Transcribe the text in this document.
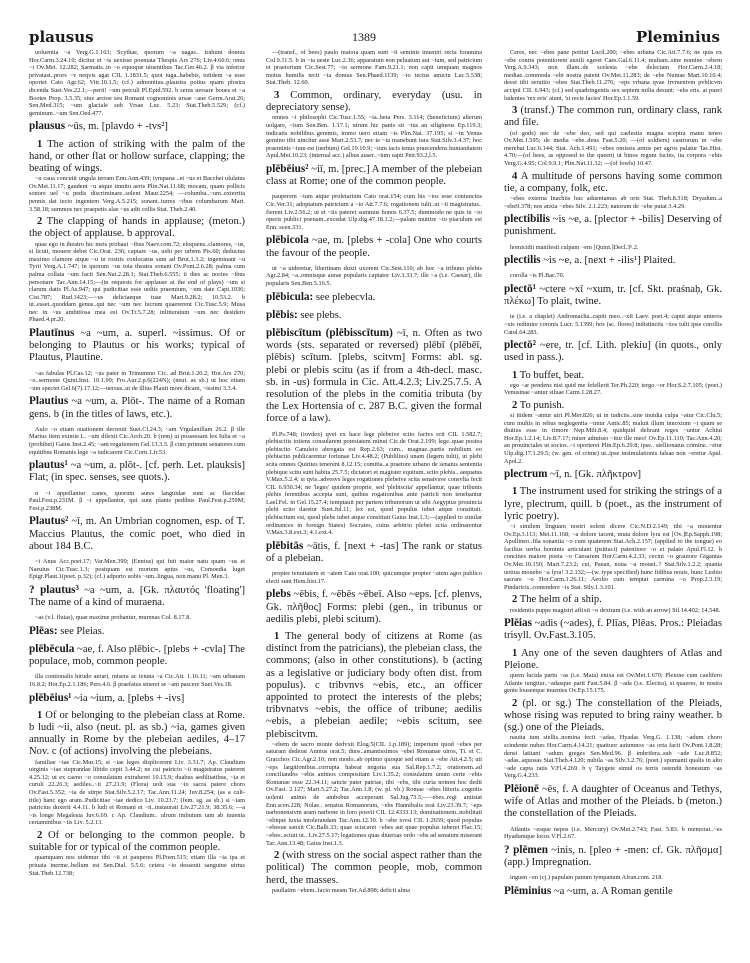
plausus	1389	Pleminius
uoluentia ~a Verg.G.1.163; Scythae, quorum ~a uagas.. trahunt domus Hor.Carm.3.24.10; dicitur et ~is uexisse poemata Thespis Ars 276; Liv.4.60.6; onus ~i Ov.Met. 12.282; Sarmatis..in ~o equoque uiuentibus Tac.Ger.46.2. β via inferior privatast..prors ~v neqvis agat CIL 1.1831.5; quot iuga..habebis, totidem ~a esse oportet Cato Agr.62; Vitr.10.1.5; (cf.) admonitus..plaustra potius quam plostra dicenda Suet.Ves.22.1;—perii! ~um perculi Pl.Epid.592. b serus uersare boues et ~a Bootes Prop. 3.5.35; siue arctoe seu Romani cognominis ursae ~aue Germ.Arat.26; Sen.Med.315; ~um glaciale sub Vrsae Luc. 5.23; Stat.Theb.5.529; (cf.) geminum..~um Sen.Oed.477.
plausus ~ūs, m. [plavdo + -tvs²]
1 The action of striking with the palm of the hand, or other flat or hollow surface, clapping; the beating of wings.
~u caua concutit ungula terram Enn.Ann.439; tympana ..et ~us et Bacchei ululatus Ov.Met.11.17; gaudent ~u atque tinnitu aeris Plin.Nat.11.68; mocam, quam pollicis sonore uel ~u pedis discriminare..solent Maur.2254; —columba..~um..exterrita pennis dat tecto ingentem Verg.A.5.215; sonant..turres ~ibus columbarum Mart. 3.58.18; summos nec praepetis alae ~us adit collis Stat. Theb.2.40.
2 The clapping of hands in applause; (meton.) the object of applause. b approval.
quae ego in theatro hic meis probaui ~ibus Naev.com.72; eloquens..clamores, ~us, si licuit, mouere debet Cic.Orat. 236; captare ~us, uehi per urbem Pis.60; deductus maximo clamore atque ~u in rostris conlocatus sum ad Brut.1.3.2; ingeminant ~u Tyrii Verg.A.1.747; in quorum ~us tota theatra sonant Ov.Pont.2.6.28; palma cum palma collata ~um facit Sen.Nat.2.28.1; Stat.Theb.6.555; ii dies ac noctes ~ibus personare Tac.Ann.14.15;—(in requests for applause at the end of plays) ~um si clarum datis Pl.As.947; qui pudicitiae esse uoltis praemium, ~um date Capt.1036; Cist.787; Rud.1423;—~us deliciaeque tuae Mart.9.28.2; 10.53.2. b ut..esset..quoddam genus..qui nec ~um nec lucrum quaererent Cic.Tusc.5.9; Musa nec in ~us ambitiosa mea est Ov.Tr.5.7.28; inlitteratum ~um nec desidero Phaed.4.pr.20.
Plautīnus ~a ~um, a. superl. ~issimus. Of or belonging to Plautus or his works; typical of Plautus, Plautine.
~as fabulas Pl.Cas.12; ~us pater in Trinummo Cic. ad Brut.1.20.2; Hor.Ars 270; ~o..sermone Quint.Inst. 10.1.99; Fro.Aur.2.p.6(224N); (neut. as sb.) ut hoc etiam ~um spectet Gel.6(7).17.12;—uersus..ut de illius Plauti more dicam, ~issimi 3.3.4.
Plautius ~a ~um, a. Plōt-. The name of a Roman gens. b (in the titles of laws, etc.).
Aulo ~o etiam ouationem decreuit Suet.Cl.24.3; ~am Vrgulanillam 26.2. β ille Marius item eximie L. ~um dilexit Cic.Arch.20. b (rem) ui possessam lex Iulia et ~a (prohibet) Gaius Inst.2.45; ~am rogationem Gel.13.3.5. β cum primum senatores cum equitibus Romanis lege ~a iudicarent Cic.Corn.1.fr.53.
plautus¹ ~a ~um, a. plōt-. [cf. perh. Let. plauksis] Flat; (in spec. senses, see quots.).
α ~i appellantur canes, quorum aures languidae sunt ac flaccidae Paul.Fest.p.231M. β ~i appellantur, qui sunt planis pedibus Paul.Fest.p.259M; Fest.p.238M.
Plautus² ~ī, m. An Umbrian cognomen, esp. of T. Maccius Plautus, the comic poet, who died in about 184 B.C.
~i Anus Acc.poet.17; Var.Men.399; (Ennius) qui fuit maior natu quam ~us et Naeuius Cic.Tusc.1.3; postquam est mortem aptus ~us, Comoedia luget Epigr.Plaut.1(poet. p.32); (cf.) adporto uobis ~um..lingua, non manu Pl. Men.3.
? plautus³ ~a ~um, a. [Gk. πλαυτός 'floating'] The name of a kind of muraena.
~as (v.l. flutas), quae maxime probantur, murenas Col. 8.17.8.
Plēas: see Pleias.
plēbēcula ~ae, f. Also plēbic-. [plebs + -cvla] The populace, mob, common people.
illa contionalis hirudo aerari, misera ac ieiuna ~a Cic.Att. 1.16.11; ~am urbanam 16.8.2; Hor.Ep.2.1.186; Pers.4.6. β praefatus sineret se ~am pascere Suet.Ves.18.
plēbēius¹ ~ia ~ium, a. [plebs + -ivs]
1 Of or belonging to the plebeian class at Rome. b ludi ~ii, also (neut. pl. as sb.) ~ia, games given annually in Rome by the plebeian aediles, 4–17 Nov. c (of actions) involving the plebeians.
familiae ~iae Cic.Mur.15; si ~iae leges displicerent Liv. 3.31.7; Ap. Claudium uirginis ~iae stuprandae libido cepit 3.44.2; ne cui patricio ~ii magistratus paterent 4.25.12; ut ex caeno ~o consulatum extraheret 10.15.9; duabus aedilitatibus, ~ia et curuli 22.26.3; aediles..~ii 27.21.9; (Flora) uolt sua ~io sacra patere choro Ov.Fast.5.352; ~ia de stirpe Stat.Silv.5.2.17; Tac.Ann.11.24; Juv.8.254; (as a cult-title) hanc ego aram..Pudicitiae ~iae dedico Liv. 10.23.7; (fem. sg. as sb.) si ~iam patricius duxerit 4.4.11. b ludi et Romani et ~ii..instaurati Liv.27.21.9; 38.35.6; —a ~is longe Megalesia Juv.6.69. c Ap. Claudium.. ulrum imbutum iam ab iuuenta certaminibus ~iis Liv. 5.2.13.
2 Of or belonging to the common people. b suitable for or typical of the common people.
quamquam nos uidemur tibi ~ii et pauperes Pl.Poen.515; etiam illa ~ia ipa et priuata inerme..bellum est Sen.Dial. 5.5.6; cetera ~io desseuit sanguine uirtus Stat.Theb.12.738;
—(transf., of bees) paulo maiora quam sunt ~ii seminis inueniri recta foramina Col.9.11.5. b in ~ia ueste Luc.2.36; apparatum non peluatum aut ~ium, sed patricium et praetorium Cic.Sest.77; ~io sermone Fam.9.21.1; non capit umquam magnos motus humilis tecti ~ia domus Sen.Phaed.1139; ~io tectus amictu Luc.5.538; Stat.Theb. 12.60.
3 Common, ordinary, everyday (usu. in depreciatory sense).
omnes ~i philosophi Cic.Tusc.1.55; ~ia..beta Pers. 3.114; (beneficium) alterum uolgare, ~ium Sen.Ben. 1.17.1; utrum hic panis sit ~ius an siligineus Ep.119.3; indicatis nobilibus gemmis, immo uero etiam ~is Plin.Nat. 37.195; si ~in Venus gemino tibi uincitur asse Mart.2.53.7; nec te ~ia manebunt iura Stat.Silv.3.4.37; hoc praeminis ~ium est (uerbum) Gel.19.10.9; ~ium iacis tenus praecendens humanitatem Apul.Met.10.23; (internal acc.) albus auser..~ium sapit Petr.93.2,l.5.
plēbēius² ~iī, m. [prec.] A member of the plebeian class at Rome; one of the common people.
pauperem ~ium atque proletarium Cato orat.154; cum his ~ios esse coniunctos Cic.Ver.31; adoptatum patricium a ~io Att.7.7.6; rogationem tulit..ut ~ii magistratus.. fierent Liv.2.56.2; ut et ~iis pateret summus honos 6.37.5; dummodo ne quis in ~io operis publici poenam..excedat Ulp.dig.47.18.1.2;—palam muttire ~io piaculum est Enn. scen.331.
plēbicola ~ae, m. [plebs + -cola] One who courts the favour of the people.
ut ~a uideretur, libertinam duxit uxorem Cic.Sest.110; ab hoc ~a tribuno plebis Agr.2.84; ~a..omnisque aurae popularis captator Liv.3.33.7; ille ~a (i.e. Caesar), ille popularis Sen.Ben.5.16.5.
plēbicula: see plebecvla.
plēbis: see plebs.
plēbiscītum (plēbisscītum) ~ī, n. Often as two words (sts. separated or reversed) plēbī (plēbēī, plēbis) scītum. [plebs, scitvm] Forms: abl. sg. plebi or plebis scitu (as if from a 4th-decl. masc. sb. in -us) formula in Cic. Att.4.2.3; Liv.25.7.5. A resolution of the plebs in the comitia tributa (by the Lex Hortensia of c. 287 B.C. given the formal force of a law).
Pl.Ps.748; (iovdex) qvei ex hace lege plebeive scito factvs erit CIL 1.582.7; plebiscitis totiens consularem potestatem minui Cic.de Orat.2.199; lege..quae postea plebiscito Canuleio abrogata est Rep.2.63; cum.. magnae..partis nobilium eo plebiscito publicarentur fortunae Liv.4.48.2; (Publilius) unam (legem tulit), ut plebi scita omnes Quirites tenerent 8.12.15; comitia..a praetore urbano de senatus sententia plebique scitu sunt habita 25.7.5; dictatori et magister equitum..scito plebis.. aequatus V.Max.5.2.4; si qvis..advesvs leges rogationes plebeive scita senatvsve consvlta fecit CIL 6.930.34; ne 'leges' quidem proprie, sed 'plebiscita' appellantur, quae tribunis plebis ferentibus accepta sunt, quibus rogationibus ante patricii non tenebantur Lael.Fel. in Gel.15.27.4; temptauit per partem tribunorum ut sibi Aegyptus prouincia plebi scito daretur Suet.Jul.11; lex est, quod populus iubet atque constituit. plebiscitum est, quod plebs iubet atque constituit Gaius Inst.1.3;—(applied to similar ordinances in foreign States) Socrates, cuius arbitrio plebei scita ordinarentur V.Max.3.8.ext.3; 4.1.ext.4.
plēbitās ~ātis, f. [next + -tas] The rank or status of a plebeian.
propter tenuitatem et ~atem Cato orat.100; quicumque propter ~atem agro publico electi sunt Hem.hist.17.
plebs ~ēbis, f. ~ēbēs ~ēbeī. Also ~eps. [cf. plenvs, Gk. πλῆθος] Forms: plebi (gen., in tribunus or aedilis plebi, plebi scitum).
1 The general body of citizens at Rome (as distinct from the patricians), the plebeian class, the commons; (also in other constitutions). b (acting as a legislative or judiciary body often dist. from populus). c tribvnvs ~ebis, etc., an officer appointed to protect the interests of the plebs; tribvnatvs ~ebis, the office of tribune; aedilis ~ebis, a plebeian aedile; ~ebis scitum, see plebiscitvm.
~ebem de sacro monte dedvxit Elog.5(CIL 1.p.189); imperium quod ~ebes per saturam dederat Annius orat.5; duos..amantissimos ~ebei Romanae uiros, Ti. et C. Gracchos Cic.Agr.2.10; non modo..ab optimo quoque sed etiam a ~ebe Att.4.2.5; uti ~eps largitionibus..corrupta habeat negotia sua Sal.Rep.1.7.2; orationem..ad conciliandos ~ebis animos compositam Liv.1.35.2; consulatum unum certe ~ebis Romanae esse 22.34.11; sancte pater patriae, tibi ~ebs, tibi curia nomen hoc dedit Ov.Fast. 2.127; Mart.5.27.2; Tac.Ann.1.8; (w. pl. vb.) Romae ~ebes litteris..cognitis uolenti animo de ambobus acceperant Sal.Jug.73.5;—~ebes..regi antistat Enn.scen.228; Nolae.. senatus Romanorum, ~ebs Hannibalis erat Liv.23.39.7; ~eps narbonensivm aram narbone in foro posvit CIL 12.4333.13; dominationem..nobilitati ~ebique iuxta intolerandam Tac.Ann.12.10. b ~ebe iovsi CIL 1.2659; quod populus ~ebesue sanxit Cic.Balb.33; quae sciscaret ~ebes aut quae populus iuberet Flac.15; ~ebes..sciuit ut.. Liv.27.5.17; legationes quas diuersas ordo ~ebs ad senatum miserant Tac.Ann.13.48; Gaius Inst.1.3.
2 (with stress on the social aspect rather than the political) The common people, mob, common herd, the masses.
paullatim ~ebem..facio meam Ter.Ad.898; deficit alma
Ceres, nec ~ebes pane potitur Lucil.200; ~ebes urbana Cic.Att.7.7.6; ne quis ex ~ebe contra potentiorem auxili egeret Caes.Gal.6.11.4; multam..sine nomine ~ebem Verg.A.9.343; non illam..de scelesta ~ebe delectam Hor.Carm.2.4.18; mediae..commoda ~ebi nostra patent Ov.Met.11.283; de ~ebe Numae Mart.10.10.4; deest tibi seruitio ~ebes Stat.Theb.11.276; ~eps vrbana qvae frvmentvm pvblicvm accipit CIL 6.943; (cf.) sed quadringentis sex septem milia desunt: ~ebs eris. at pueri ludentes 'rex eris' aiunt, 'si recte facies' Hor.Ep.1.1.59.
3 (transf.) The common run, ordinary class, rank and file.
(of gods) nec de ~ebe deo, sed qui caelestia magna sceptra manu teneo Ov.Met.1.595; de media ~ebe..deus Fast.5.20; —(of soldiers) castrorum in ~ebe merebat Luc.6.144; Stat. Ach.1.491; ~ebes omissis armis per agros palatur Tac.Hist. 4.70;—(of bees, as opposed to the queen) ut binos regum facies, ita corpora ~ebis Verg.G.4.95; Col.9.9.1; Plin.Nat.11.32; —(of fowls) 10.47.
4 A multitude of persons having some common tie, a company, folk, etc.
~ebes externa Inachiis huc aduentamus ab oris Stat. Theb.8.318; Dryadum..a ~ebe9.378; nos anxia ~ebes Silv. 2.1.223; natorum de ~ebe putat 3.4.29.
plectibilis ~is ~e, a. [plector + -bilis] Deserving of punishment.
homicidii manifesti culpam ~em [Quint.]Decl.3ᵇ.2.
plectilis ~is ~e, a. [next + -ilis¹] Plaited.
corolla ~is Pl.Bac.70.
plectō¹ ~ctere ~xī ~xum, tr. [cf. Skt. praśnaḥ, Gk. πλέκω] To plait, twine.
te (i.e. a chaplet) Andromacha..capiti meo..~xit Laev. poet.4; caput atque umeros ~xis redimire coronis Lucr. 5.1399; hos (sc. flores) indistinctis ~xos tulit ipse corollis Catul.64.283.
plectō² ~ere, tr. [cf. Lith. plekiu] (in quots., only used in pass.).
1 To buffet, beat.
ego ~ar pendens nisi quid me fefellerit Ter.Ph.220; tergo ~or Hor.S.2.7.105; (poet.) Venusinae ~antur siluae Carm.1.28.27.
2 To punish.
si itidem ~antur uiri Pl.Mer.826; ut in iudiciis..sine inuidia culpa ~atur Cic.Clu.5; cum multis in rebus neglegentia ~imur Amic.85; maluit illum innoxium ~i quam se diutius esse in timore Nep.Milt.8.4; quidquid delirant reges ~untur Achiui Hor.Ep.1.2.14; Liv.8.7.17; miser admisso ~itur ille meo! Ov.Ep.11.110; Tac.Ann.4.20; an prouinciales ut socios..~i oporteret Plin.Ep.6.29.8; ipse.. stellionatus crimine..~etur Ulp.dig.17.1.29.5; (w. gen. of crime) ut..ipse insimulationis falsae non ~eretur Apul. Apol.2.
plectrum ~ī, n. [Gk. πλῆκτρον]
1 The instrument used for striking the strings of a lyre, plectrum, quill. b (poet., as the instrument of lyric poetry).
~i similem linguam nostri solent dicere Cic.N.D.2.149; tibi ~a mouentur Ov.Ep.3.113; Met.11.168; ~a dolore tacent, muta dolore lyra est [Ov.]Ep.Sapph.198; Apollineo..fila sonantia ~o cum quaterem Stat.Ach.2.157; (applied to the tongue) eo facilius uerba hominis articulant (psittaci) patentiore ~o et palato Apul.Fl.12. b concines maiore poeta ~o Caesarem Hor.Carm.4.2.33; cecini ~o grauiore Gigantas Ov.Met.10.150; Mart.7.23.2; cui, Paean, noua ~a mouet..? Stat.Silv.1.2.2; quanta uotiua mouebo ~a lyra! 3.2.132;—(w. type specified) hunc fidibus nouis, hunc Lesbio sacrare ~o Hor.Carm.1.26.11; Aeolio cum temptat carmina ~o Prop.2.3.19; Pindaricis..contendere ~is Stat. Silv.1.3.101.
2 The helm of a ship.
residentis puppe magistri affixit ~o dextram (i.e. with an arrow) Sil.14.402; 14.548.
Plēias ~adis (~ades), f. Plīas, Plēas. Pros.: Pleiadas trisyll. Ov.Fast.3.105.
1 Any one of the seven daughters of Atlas and Pleione.
quem lucida partu ~as (i.e. Maia) enixa est Ov.Met.1.670; Pleione cum caelifero Atlante iungitur..~adasque parit Fast.5.84. β ~ada (i.e. Electra), si quaeres, in nostra gente lousenque inuenies Ov.Ep.15.175.
2 (pl. or sg.) The constellation of the Pleiads, whose rising was reputed to bring rainy weather. b (sg.) one of the Pleiads.
nauita tum stellis..nomina fecit ~adas, Hyadas Verg.G. 1.138; ~adum choro scindente nubes Hor.Carm.4.14.21; quattuor autumnos ~as orta facit Ov.Pont.1.8.28; densi latitant ~adum greges Sen.Med.96. β imbrifera..sub ~ade Luc.8.852; ~adas..aquosas Stat.Theb.4.120; nubila ~as Silv.3.2.76; (poet.) spumanti qualis in alto ~ade capta ratis V.Fl.4.269. b γ Taygete simul os terris ostendit honestum ~as Verg.G.4.233.
Plēionē ~ēs, f. A daughter of Oceanus and Tethys, wife of Atlas and mother of the Pleiads. b (meton.) the constellation of the Pleiads.
Atlantis ~esque nepos (i.e. Mercury) Ov.Met.2.743; Fast. 5.83. b memorat..~es Hyadumque locos V.Fl.2.67.
? plēmen ~inis, n. [pleo + -men: cf. Gk. πλῆσμα] (app.) Impregnation.
inguen ~en (cj.) papulam panum tympanum Afran.com. 218.
Plēminius ~a ~um, a. A Roman gentile
